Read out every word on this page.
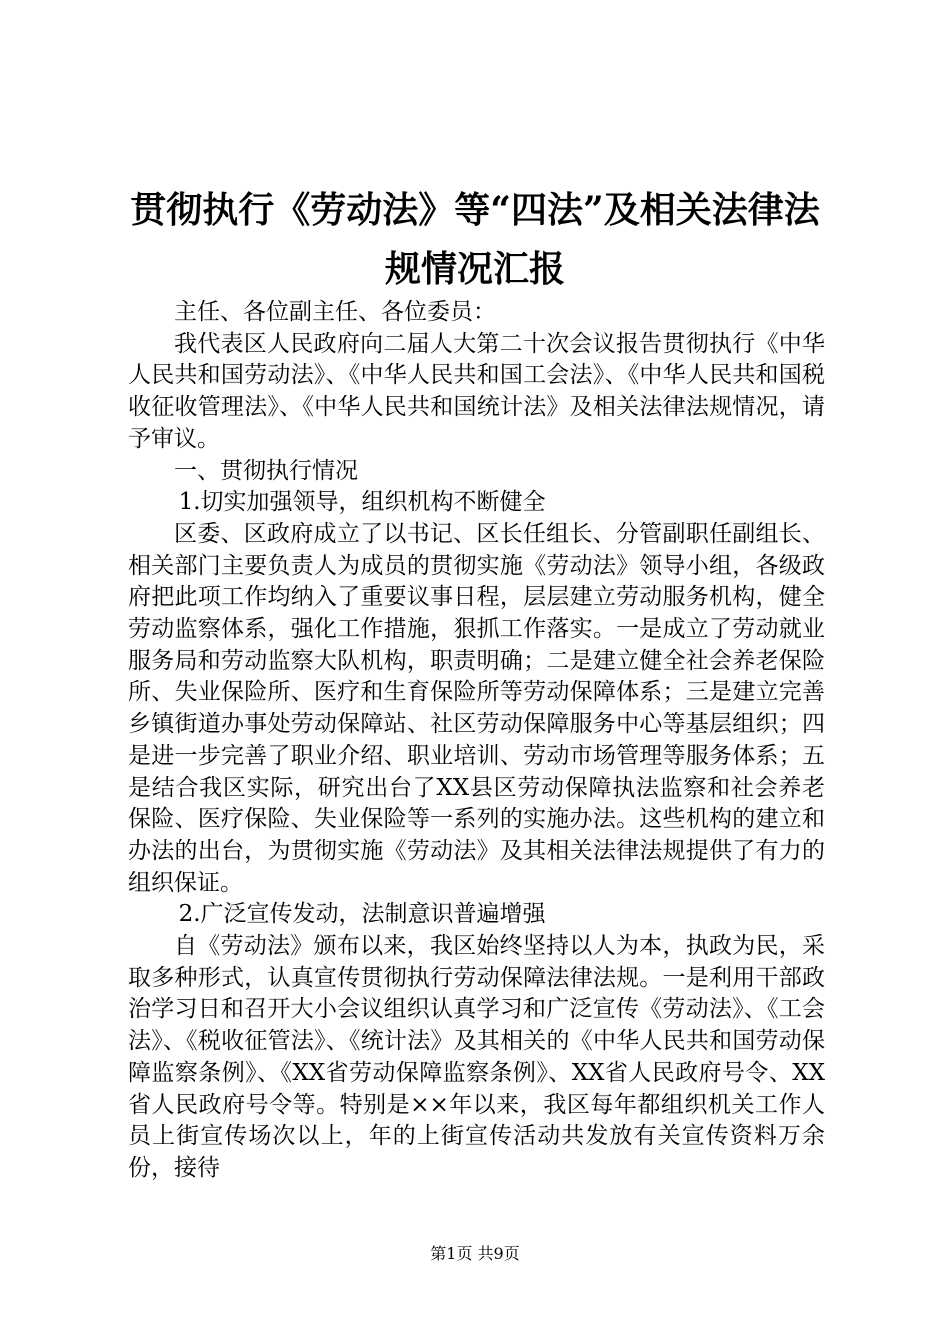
贯彻执行《劳动法》等“四法”及相关法律法
规情况汇报

主任、各位副主任、各位委员：

我代表区人民政府向二届人大第二十次会议报告贯彻执行《中华人民共和国劳动法》、《中华人民共和国工会法》、《中华人民共和国税收征收管理法》、《中华人民共和国统计法》及相关法律法规情况，请予审议。

一、贯彻执行情况

1.切实加强领导，组织机构不断健全

区委、区政府成立了以书记、区长任组长、分管副职任副组长、相关部门主要负责人为成员的贯彻实施《劳动法》领导小组，各级政府把此项工作均纳入了重要议事日程，层层建立劳动服务机构，健全劳动监察体系，强化工作措施，狠抓工作落实。一是成立了劳动就业服务局和劳动监察大队机构，职责明确；二是建立健全社会养老保险所、失业保险所、医疗和生育保险所等劳动保障体系；三是建立完善乡镇街道办事处劳动保障站、社区劳动保障服务中心等基层组织；四是进一步完善了职业介绍、职业培训、劳动市场管理等服务体系；五是结合我区实际，研究出台了XX县区劳动保障执法监察和社会养老保险、医疗保险、失业保险等一系列的实施办法。这些机构的建立和办法的出台，为贯彻实施《劳动法》及其相关法律法规提供了有力的组织保证。

2.广泛宣传发动，法制意识普遍增强

自《劳动法》颁布以来，我区始终坚持以人为本，执政为民，采取多种形式，认真宣传贯彻执行劳动保障法律法规。一是利用干部政治学习日和召开大小会议组织认真学习和广泛宣传《劳动法》、《工会法》、《税收征管法》、《统计法》及其相关的《中华人民共和国劳动保障监察条例》、《XX省劳动保障监察条例》、XX省人民政府号令、XX省人民政府号令等。特别是××年以来，我区每年都组织机关工作人员上街宣传场次以上，年的上街宣传活动共发放有关宣传资料万余份，接待

第1页 共9页
